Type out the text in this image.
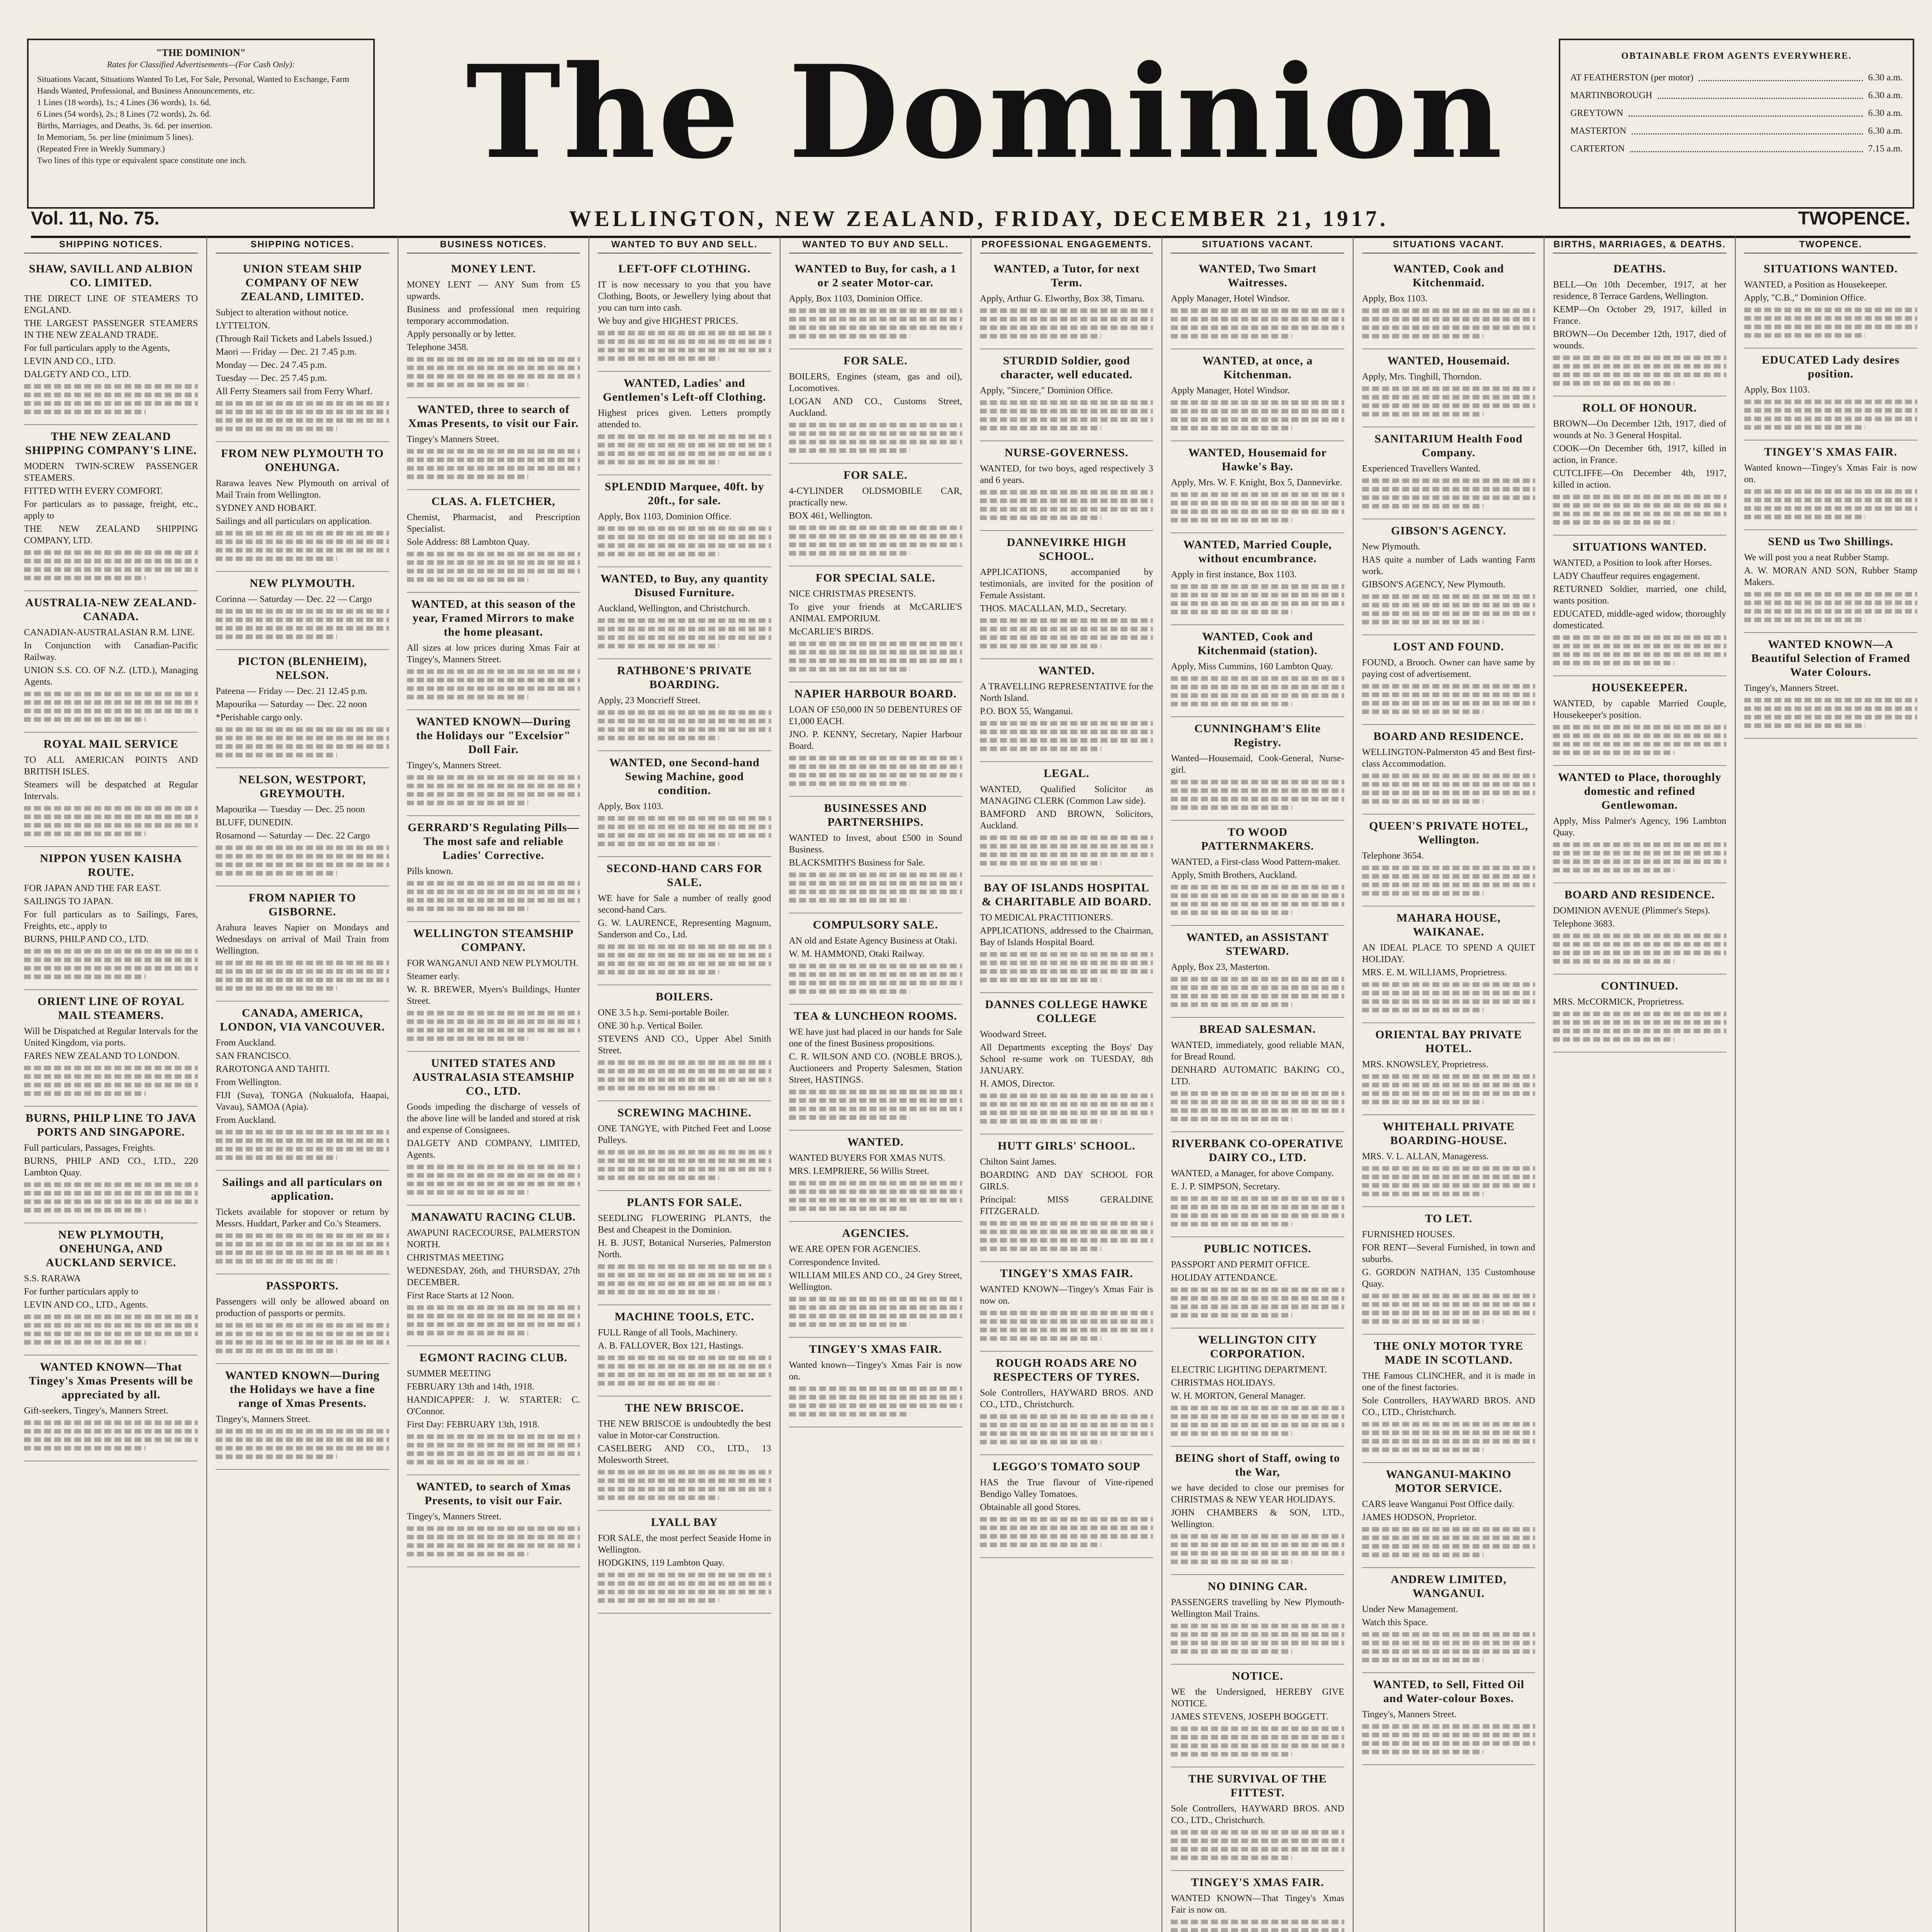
"THE DOMINION"
Rates for Classified Advertisements—(For Cash Only):

Situations Vacant, Situations Wanted To Let, For Sale, Personal, Wanted to Exchange, Farm Hands Wanted, Professional, and Business Announcements, etc.

1 Lines (18 words), 1s.; 4 Lines (36 words), 1s. 6d.

6 Lines (54 words), 2s.; 8 Lines (72 words), 2s. 6d.

Births, Marriages, and Deaths, 3s. 6d. per insertion.

In Memoriam, 5s. per line (minimum 5 lines).

(Repeated Free in Weekly Summary.)

Two lines of this type or equivalent space constitute one inch.	The Dominion	OBTAINABLE FROM AGENTS EVERYWHERE.
AT FEATHERSTON (per motor)	6.30 a.m.
MARTINBOROUGH	6.30 a.m.
GREYTOWN	6.30 a.m.
MASTERTON	6.30 a.m.
CARTERTON	7.15 a.m.
Vol. 11, No. 75.	WELLINGTON, NEW ZEALAND, FRIDAY, DECEMBER 21, 1917.	TWOPENCE.
SHIPPING NOTICES.
SHAW, SAVILL AND ALBION CO. LIMITED.

THE DIRECT LINE OF STEAMERS TO ENGLAND.

THE LARGEST PASSENGER STEAMERS IN THE NEW ZEALAND TRADE.

For full particulars apply to the Agents,

LEVIN AND CO., LTD.

DALGETY AND CO., LTD.

THE NEW ZEALAND SHIPPING COMPANY'S LINE.

MODERN TWIN-SCREW PASSENGER STEAMERS.

FITTED WITH EVERY COMFORT.

For particulars as to passage, freight, etc., apply to

THE NEW ZEALAND SHIPPING COMPANY, LTD.

AUSTRALIA-NEW ZEALAND-CANADA.

CANADIAN-AUSTRALASIAN R.M. LINE.

In Conjunction with Canadian-Pacific Railway.

UNION S.S. CO. OF N.Z. (LTD.), Managing Agents.

ROYAL MAIL SERVICE

TO ALL AMERICAN POINTS AND BRITISH ISLES.

Steamers will be despatched at Regular Intervals.

NIPPON YUSEN KAISHA ROUTE.

FOR JAPAN AND THE FAR EAST.

SAILINGS TO JAPAN.

For full particulars as to Sailings, Fares, Freights, etc., apply to

BURNS, PHILP AND CO., LTD.

ORIENT LINE OF ROYAL MAIL STEAMERS.

Will be Dispatched at Regular Intervals for the United Kingdom, via ports.

FARES NEW ZEALAND TO LONDON.

BURNS, PHILP LINE TO JAVA PORTS AND SINGAPORE.

Full particulars, Passages, Freights.

BURNS, PHILP AND CO., LTD., 220 Lambton Quay.

NEW PLYMOUTH, ONEHUNGA, AND AUCKLAND SERVICE.

S.S. RARAWA

For further particulars apply to

LEVIN AND CO., LTD., Agents.

WANTED KNOWN—That Tingey's Xmas Presents will be appreciated by all.

Gift-seekers, Tingey's, Manners Street.

SHIPPING NOTICES.
UNION STEAM SHIP COMPANY OF NEW ZEALAND, LIMITED.

Subject to alteration without notice.

LYTTELTON.

(Through Rail Tickets and Labels Issued.)

Maori — Friday — Dec. 21 7.45 p.m.

Monday — Dec. 24 7.45 p.m.

Tuesday — Dec. 25 7.45 p.m.

All Ferry Steamers sail from Ferry Wharf.

FROM NEW PLYMOUTH TO ONEHUNGA.

Rarawa leaves New Plymouth on arrival of Mail Train from Wellington.

SYDNEY AND HOBART.

Sailings and all particulars on application.

NEW PLYMOUTH.

Corinna — Saturday — Dec. 22 — Cargo

PICTON (BLENHEIM), NELSON.

Pateena — Friday — Dec. 21 12.45 p.m.

Mapourika — Saturday — Dec. 22 noon

*Perishable cargo only.

NELSON, WESTPORT, GREYMOUTH.

Mapourika — Tuesday — Dec. 25 noon

BLUFF, DUNEDIN.

Rosamond — Saturday — Dec. 22 Cargo

FROM NAPIER TO GISBORNE.

Arahura leaves Napier on Mondays and Wednesdays on arrival of Mail Train from Wellington.

CANADA, AMERICA, LONDON, VIA VANCOUVER.

From Auckland.

SAN FRANCISCO.

RAROTONGA AND TAHITI.

From Wellington.

FIJI (Suva), TONGA (Nukualofa, Haapai, Vavau), SAMOA (Apia).

From Auckland.

Sailings and all particulars on application.

Tickets available for stopover or return by Messrs. Huddart, Parker and Co.'s Steamers.

PASSPORTS.

Passengers will only be allowed aboard on production of passports or permits.

WANTED KNOWN—During the Holidays we have a fine range of Xmas Presents.

Tingey's, Manners Street.

BUSINESS NOTICES.
MONEY LENT.

MONEY LENT — ANY Sum from £5 upwards.

Business and professional men requiring temporary accommodation.

Apply personally or by letter.

Telephone 3458.

WANTED, three to search of Xmas Presents, to visit our Fair.

Tingey's Manners Street.

CLAS. A. FLETCHER,

Chemist, Pharmacist, and Prescription Specialist.

Sole Address: 88 Lambton Quay.

WANTED, at this season of the year, Framed Mirrors to make the home pleasant.

All sizes at low prices during Xmas Fair at Tingey's, Manners Street.

WANTED KNOWN—During the Holidays our "Excelsior" Doll Fair.

Tingey's, Manners Street.

GERRARD'S Regulating Pills—The most safe and reliable Ladies' Corrective.

Pills known.

WELLINGTON STEAMSHIP COMPANY.

FOR WANGANUI AND NEW PLYMOUTH.

Steamer early.

W. R. BREWER, Myers's Buildings, Hunter Street.

UNITED STATES AND AUSTRALASIA STEAMSHIP CO., LTD.

Goods impeding the discharge of vessels of the above line will be landed and stored at risk and expense of Consignees.

DALGETY AND COMPANY, LIMITED, Agents.

MANAWATU RACING CLUB.

AWAPUNI RACECOURSE, PALMERSTON NORTH.

CHRISTMAS MEETING

WEDNESDAY, 26th, and THURSDAY, 27th DECEMBER.

First Race Starts at 12 Noon.

EGMONT RACING CLUB.

SUMMER MEETING

FEBRUARY 13th and 14th, 1918.

HANDICAPPER: J. W. STARTER: C. O'Connor.

First Day: FEBRUARY 13th, 1918.

WANTED, to search of Xmas Presents, to visit our Fair.

Tingey's, Manners Street.

WANTED TO BUY AND SELL.
LEFT-OFF CLOTHING.

IT is now necessary to you that you have Clothing, Boots, or Jewellery lying about that you can turn into cash.

We buy and give HIGHEST PRICES.

WANTED, Ladies' and Gentlemen's Left-off Clothing.

Highest prices given. Letters promptly attended to.

SPLENDID Marquee, 40ft. by 20ft., for sale.

Apply, Box 1103, Dominion Office.

WANTED, to Buy, any quantity Disused Furniture.

Auckland, Wellington, and Christchurch.

RATHBONE'S PRIVATE BOARDING.

Apply, 23 Moncrieff Street.

WANTED, one Second-hand Sewing Machine, good condition.

Apply, Box 1103.

SECOND-HAND CARS FOR SALE.

WE have for Sale a number of really good second-hand Cars.

G. W. LAURENCE, Representing Magnum, Sanderson and Co., Ltd.

BOILERS.

ONE 3.5 h.p. Semi-portable Boiler.

ONE 30 h.p. Vertical Boiler.

STEVENS AND CO., Upper Abel Smith Street.

SCREWING MACHINE.

ONE TANGYE, with Pitched Feet and Loose Pulleys.

PLANTS FOR SALE.

SEEDLING FLOWERING PLANTS, the Best and Cheapest in the Dominion.

H. B. JUST, Botanical Nurseries, Palmerston North.

MACHINE TOOLS, ETC.

FULL Range of all Tools, Machinery.

A. B. FALLOVER, Box 121, Hastings.

THE NEW BRISCOE.

THE NEW BRISCOE is undoubtedly the best value in Motor-car Construction.

CASELBERG AND CO., LTD., 13 Molesworth Street.

LYALL BAY

FOR SALE, the most perfect Seaside Home in Wellington.

HODGKINS, 119 Lambton Quay.

WANTED TO BUY AND SELL.
WANTED to Buy, for cash, a 1 or 2 seater Motor-car.

Apply, Box 1103, Dominion Office.

FOR SALE.

BOILERS, Engines (steam, gas and oil), Locomotives.

LOGAN AND CO., Customs Street, Auckland.

FOR SALE.

4-CYLINDER OLDSMOBILE CAR, practically new.

BOX 461, Wellington.

FOR SPECIAL SALE.

NICE CHRISTMAS PRESENTS.

To give your friends at McCARLIE'S ANIMAL EMPORIUM.

McCARLIE'S BIRDS.

NAPIER HARBOUR BOARD.

LOAN OF £50,000 IN 50 DEBENTURES OF £1,000 EACH.

JNO. P. KENNY, Secretary, Napier Harbour Board.

BUSINESSES AND PARTNERSHIPS.

WANTED to Invest, about £500 in Sound Business.

BLACKSMITH'S Business for Sale.

COMPULSORY SALE.

AN old and Estate Agency Business at Otaki.

W. M. HAMMOND, Otaki Railway.

TEA & LUNCHEON ROOMS.

WE have just had placed in our hands for Sale one of the finest Business propositions.

C. R. WILSON AND CO. (NOBLE BROS.), Auctioneers and Property Salesmen, Station Street, HASTINGS.

WANTED.

WANTED BUYERS FOR XMAS NUTS.

MRS. LEMPRIERE, 56 Willis Street.

AGENCIES.

WE ARE OPEN FOR AGENCIES.

Correspondence Invited.

WILLIAM MILES AND CO., 24 Grey Street, Wellington.

TINGEY'S XMAS FAIR.

Wanted known—Tingey's Xmas Fair is now on.

PROFESSIONAL ENGAGEMENTS.
WANTED, a Tutor, for next Term.

Apply, Arthur G. Elworthy, Box 38, Timaru.

STURDID Soldier, good character, well educated.

Apply, "Sincere," Dominion Office.

NURSE-GOVERNESS.

WANTED, for two boys, aged respectively 3 and 6 years.

DANNEVIRKE HIGH SCHOOL.

APPLICATIONS, accompanied by testimonials, are invited for the position of Female Assistant.

THOS. MACALLAN, M.D., Secretary.

WANTED.

A TRAVELLING REPRESENTATIVE for the North Island.

P.O. BOX 55, Wanganui.

LEGAL.

WANTED, Qualified Solicitor as MANAGING CLERK (Common Law side).

BAMFORD AND BROWN, Solicitors, Auckland.

BAY OF ISLANDS HOSPITAL & CHARITABLE AID BOARD.

TO MEDICAL PRACTITIONERS.

APPLICATIONS, addressed to the Chairman, Bay of Islands Hospital Board.

DANNES COLLEGE HAWKE COLLEGE

Woodward Street.

All Departments excepting the Boys' Day School re-sume work on TUESDAY, 8th JANUARY.

H. AMOS, Director.

HUTT GIRLS' SCHOOL.

Chilton Saint James.

BOARDING AND DAY SCHOOL FOR GIRLS.

Principal: MISS GERALDINE FITZGERALD.

TINGEY'S XMAS FAIR.

WANTED KNOWN—Tingey's Xmas Fair is now on.

ROUGH ROADS ARE NO RESPECTERS OF TYRES.

Sole Controllers, HAYWARD BROS. AND CO., LTD., Christchurch.

LEGGO'S TOMATO SOUP

HAS the True flavour of Vine-ripened Bendigo Valley Tomatoes.

Obtainable all good Stores.

SITUATIONS VACANT.
WANTED, Two Smart Waitresses.

Apply Manager, Hotel Windsor.

WANTED, at once, a Kitchenman.

Apply Manager, Hotel Windsor.

WANTED, Housemaid for Hawke's Bay.

Apply, Mrs. W. F. Knight, Box 5, Dannevirke.

WANTED, Married Couple, without encumbrance.

Apply in first instance, Box 1103.

WANTED, Cook and Kitchenmaid (station).

Apply, Miss Cummins, 160 Lambton Quay.

CUNNINGHAM'S Elite Registry.

Wanted—Housemaid, Cook-General, Nurse-girl.

TO WOOD PATTERNMAKERS.

WANTED, a First-class Wood Pattern-maker.

Apply, Smith Brothers, Auckland.

WANTED, an ASSISTANT STEWARD.

Apply, Box 23, Masterton.

BREAD SALESMAN.

WANTED, immediately, good reliable MAN, for Bread Round.

DENHARD AUTOMATIC BAKING CO., LTD.

RIVERBANK CO-OPERATIVE DAIRY CO., LTD.

WANTED, a Manager, for above Company.

E. J. P. SIMPSON, Secretary.

PUBLIC NOTICES.

PASSPORT AND PERMIT OFFICE.

HOLIDAY ATTENDANCE.

WELLINGTON CITY CORPORATION.

ELECTRIC LIGHTING DEPARTMENT.

CHRISTMAS HOLIDAYS.

W. H. MORTON, General Manager.

BEING short of Staff, owing to the War,

we have decided to close our premises for CHRISTMAS & NEW YEAR HOLIDAYS.

JOHN CHAMBERS & SON, LTD., Wellington.

NO DINING CAR.

PASSENGERS travelling by New Plymouth-Wellington Mail Trains.

NOTICE.

WE the Undersigned, HEREBY GIVE NOTICE.

JAMES STEVENS, JOSEPH BOGGETT.

THE SURVIVAL OF THE FITTEST.

Sole Controllers, HAYWARD BROS. AND CO., LTD., Christchurch.

TINGEY'S XMAS FAIR.

WANTED KNOWN—That Tingey's Xmas Fair is now on.

SITUATIONS VACANT.
WANTED, Cook and Kitchenmaid.

Apply, Box 1103.

WANTED, Housemaid.

Apply, Mrs. Tinghill, Thorndon.

SANITARIUM Health Food Company.

Experienced Travellers Wanted.

GIBSON'S AGENCY.

New Plymouth.

HAS quite a number of Lads wanting Farm work.

GIBSON'S AGENCY, New Plymouth.

LOST AND FOUND.

FOUND, a Brooch. Owner can have same by paying cost of advertisement.

BOARD AND RESIDENCE.

WELLINGTON-Palmerston 45 and Best first-class Accommodation.

QUEEN'S PRIVATE HOTEL, Wellington.

Telephone 3654.

MAHARA HOUSE, WAIKANAE.

AN IDEAL PLACE TO SPEND A QUIET HOLIDAY.

MRS. E. M. WILLIAMS, Proprietress.

ORIENTAL BAY PRIVATE HOTEL.

MRS. KNOWSLEY, Proprietress.

WHITEHALL PRIVATE BOARDING-HOUSE.

MRS. V. L. ALLAN, Manageress.

TO LET.

FURNISHED HOUSES.

FOR RENT—Several Furnished, in town and suburbs.

G. GORDON NATHAN, 135 Customhouse Quay.

THE ONLY MOTOR TYRE MADE IN SCOTLAND.

THE Famous CLINCHER, and it is made in one of the finest factories.

Sole Controllers, HAYWARD BROS. AND CO., LTD., Christchurch.

WANGANUI-MAKINO MOTOR SERVICE.

CARS leave Wanganui Post Office daily.

JAMES HODSON, Proprietor.

ANDREW LIMITED, WANGANUI.

Under New Management.

Watch this Space.

WANTED, to Sell, Fitted Oil and Water-colour Boxes.

Tingey's, Manners Street.

BIRTHS, MARRIAGES, & DEATHS.
DEATHS.

BELL—On 10th December, 1917, at her residence, 8 Terrace Gardens, Wellington.

KEMP—On October 29, 1917, killed in France.

BROWN—On December 12th, 1917, died of wounds.

ROLL OF HONOUR.

BROWN—On December 12th, 1917, died of wounds at No. 3 General Hospital.

COOK—On December 6th, 1917, killed in action, in France.

CUTCLIFFE—On December 4th, 1917, killed in action.

SITUATIONS WANTED.

WANTED, a Position to look after Horses.

LADY Chauffeur requires engagement.

RETURNED Soldier, married, one child, wants position.

EDUCATED, middle-aged widow, thoroughly domesticated.

HOUSEKEEPER.

WANTED, by capable Married Couple, Housekeeper's position.

WANTED to Place, thoroughly domestic and refined Gentlewoman.

Apply, Miss Palmer's Agency, 196 Lambton Quay.

BOARD AND RESIDENCE.

DOMINION AVENUE (Plimmer's Steps).

Telephone 3683.

CONTINUED.

MRS. McCORMICK, Proprietress.

TWOPENCE.
SITUATIONS WANTED.

WANTED, a Position as Housekeeper.

Apply, "C.B.," Dominion Office.

EDUCATED Lady desires position.

Apply, Box 1103.

TINGEY'S XMAS FAIR.

Wanted known—Tingey's Xmas Fair is now on.

SEND us Two Shillings.

We will post you a neat Rubber Stamp.

A. W. MORAN AND SON, Rubber Stamp Makers.

WANTED KNOWN—A Beautiful Selection of Framed Water Colours.

Tingey's, Manners Street.
